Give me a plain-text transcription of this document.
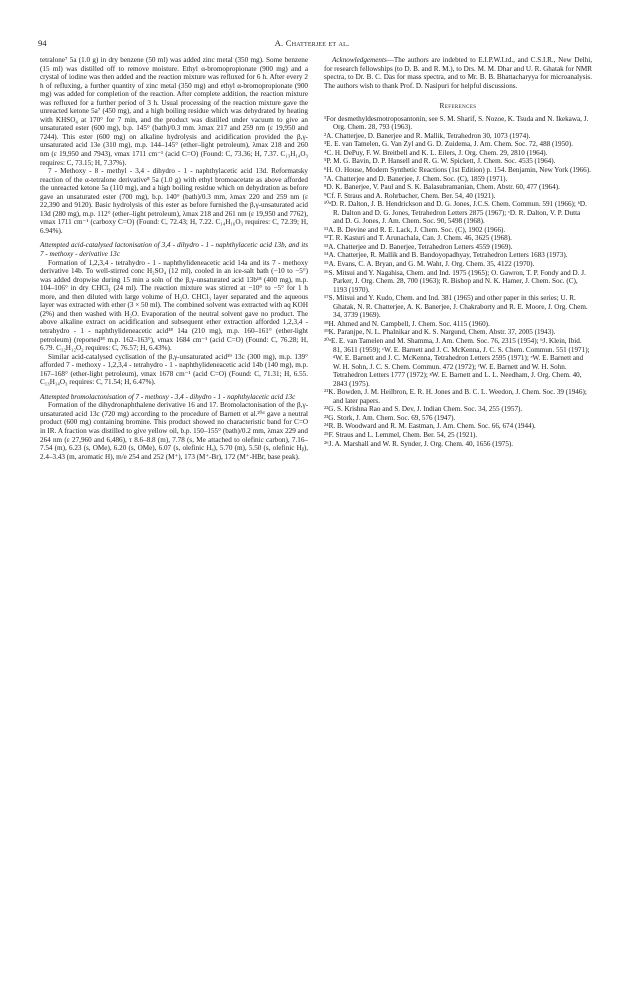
94	A. Chatterjee et al.

tetralone⁷ 5a (1.0 g) in dry benzene (50 ml) was added zinc metal (350 mg). Some benzene (15 ml) was distilled off to remove moisture. Ethyl α-bromopropionate (900 mg) and a crystal of iodine was then added and the reaction mixture was refluxed for 6 h. After every 2 h of refluxing, a further quantity of zinc metal (350 mg) and ethyl α-bromopropionate (900 mg) was added for completion of the reaction. After complete addition, the reaction mixture was refluxed for a further period of 3 h. Usual processing of the reaction mixture gave the unreacted ketone 5a⁷ (450 mg), and a high boiling residue which was dehydrated by heating with KHSO₄ at 170° for 7 min, and the product was distilled under vacuum to give an unsaturated ester (600 mg), b.p. 145° (bath)/0.3 mm. λmax 217 and 259 nm (ε 19,950 and 7244). This ester (600 mg) on alkaline hydrolysis and acidification provided the β,γ-unsaturated acid 13e (310 mg), m.p. 144–145° (ether–light petroleum), λmax 218 and 260 nm (ε 19,950 and 7943), νmax 1711 cm⁻¹ (acid C=O) (Found: C, 73.36; H, 7.37. C₁₃H₁₄O₃ requires: C, 73.15; H, 7.37%).

7 - Methoxy - 8 - methyl - 3,4 - dihydro - 1 - naphthylacetic acid 13d. Reformatsky reaction of the α-tetralone derivative⁸ 5a (1.0 g) with ethyl bromoacetate as above afforded the unreacted ketone 5a (110 mg), and a high boiling residue which on dehydration as before gave an unsaturated ester (700 mg), b.p. 140° (bath)/0.3 mm, λmax 220 and 259 nm (ε 22,390 and 9120). Basic hydrolysis of this ester as before furnished the β,γ-unsaturated acid 13d (280 mg), m.p. 112° (ether–light petroleum), λmax 218 and 261 nm (ε 19,950 and 7762), νmax 1711 cm⁻¹ (carboxy C=O) (Found: C, 72.43; H, 7.22. C₁₄H₁₆O₃ requires: C, 72.39; H, 6.94%).

Attempted acid-catalysed lactonisation of 3,4 - dihydro - 1 - naphthylacetic acid 13b, and its 7 - methoxy - derivative 13c

Formation of 1,2,3,4 - tetrahydro - 1 - naphthylideneacetic acid 14a and its 7 - methoxy derivative 14b. To well-stirred conc H₂SO₄ (12 ml), cooled in an ice-salt bath (−10 to −5°) was added dropwise during 15 min a soln of the β,γ-unsaturated acid 13b¹⁸ (400 mg), m.p. 104–106° in dry CHCl₃ (24 ml). The reaction mixture was stirred at −10° to −5° for 1 h more, and then diluted with large volume of H₂O. CHCl₃ layer separated and the aqueous layer was extracted with ether (3 × 50 ml). The combined solvent was extracted with aq KOH (2%) and then washed with H₂O. Evaporation of the neutral solvent gave no product. The above alkaline extract on acidification and subsequent ether extraction afforded 1,2,3,4 - tetrahydro - 1 - naphthylideneacetic acid¹⁸ 14a (210 mg), m.p. 160–161° (ether-light petroleum) (reported¹⁸ m.p. 162–163°), νmax 1684 cm⁻¹ (acid C=O) (Found: C, 76.28; H, 6.79. C₁₂H₁₂O₂ requires: C, 76.57; H, 6.43%).

Similar acid-catalysed cyclisation of the β,γ-unsaturated acid¹⁹ 13c (300 mg), m.p. 139° afforded 7 - methoxy - 1,2,3,4 - tetrahydro - 1 - naphthylideneacetic acid 14b (140 mg), m.p. 167–168° (ether-light petroleum), νmax 1678 cm⁻¹ (acid C=O) (Found: C, 71.31; H, 6.55. C₁₃H₁₄O₃ requires: C, 71.54; H, 6.47%).

Attempted bromolactonisation of 7 - methoxy - 3,4 - dihydro - 1 - naphthylacetic acid 13c

Formation of the dihydronaphthalene derivative 16 and 17. Bromolactonisation of the β,γ-unsaturated acid 13c (720 mg) according to the procedure of Barnett et al.²⁰ᵈ gave a neutral product (600 mg) containing bromine. This product showed no characteristic band for C=O in IR. A fraction was distilled to give yellow oil, b.p. 150–155° (bath)/0.2 mm, λmax 229 and 264 nm (ε 27,960 and 6,486), τ 8.6–8.8 (m), 7.78 (s, Me attached to olefinic carbon), 7.16–7.54 (m), 6.23 (s, OMe), 6.20 (s, OMe), 6.07 (s, olefinic Hₐ), 5.70 (m), 5.50 (s, olefinic Hᵦ), 2.4–3.43 (m, aromatic H), m/e 254 and 252 (M⁺), 173 (M⁺-Br), 172 (M⁺-HBr, base peak).

Acknowledgements—The authors are indebted to E.I.P.W.Ltd., and C.S.I.R., New Delhi, for research fellowships (to D. B. and R. M.), to Drs. M. M. Dhar and U. R. Ghatak for NMR spectra, to Dr. B. C. Das for mass spectra, and to Mr. B. B. Bhattacharyya for microanalysis. The authors wish to thank Prof. D. Nasipuri for helpful discussions.

References

¹For desmethyldesmotroposantonin, see S. M. Sharif, S. Nozoe, K. Tsuda and N. Ikekawa, J. Org. Chem. 28, 793 (1963).

²A. Chatterjee, D. Banerjee and R. Mallik, Tetrahedron 30, 1073 (1974).

³E. E. van Tamelen, G. Van Zyl and G. D. Zuidema, J. Am. Chem. Soc. 72, 488 (1950).

⁴C. H. DePuy, F. W. Breitbell and K. L. Eilers, J. Org. Chem. 29, 2810 (1964).

⁵P. M. G. Bavin, D. P. Hansell and R. G. W. Spickett, J. Chem. Soc. 4535 (1964).

⁶H. O. House, Modern Synthetic Reactions (1st Edition) p. 154. Benjamin, New York (1966).

⁷A. Chatterjee and D. Banerjee, J. Chem. Soc. (C), 1859 (1971).

⁸D. K. Banerjee, V. Paul and S. K. Balasubramanian, Chem. Abstr. 60, 477 (1964).

⁹Cf. F. Straus and A. Rohrbacher, Chem. Ber. 54, 40 (1921).

¹⁰ᵃD. R. Dalton, J. B. Hendrickson and D. G. Jones, J.C.S. Chem. Commun. 591 (1966); ᵇD. R. Dalton and D. G. Jones, Tetrahedron Letters 2875 (1967); ᶜD. R. Dalton, V. P. Dutta and D. G. Jones, J. Am. Chem. Soc. 90, 5498 (1968).

¹¹A. B. Devine and R. E. Lack, J. Chem. Soc. (C), 1902 (1966).

¹²T. R. Kasturi and T. Arunachala, Can. J. Chem. 46, 3625 (1968).

¹³A. Chatterjee and D. Banerjee, Tetrahedron Letters 4559 (1969).

¹⁴A. Chatterjee, R. Mallik and B. Bandoyopadhyay, Tetrahedron Letters 1683 (1973).

¹⁵A. Evans, C. A. Bryan, and G. M. Waht, J. Org. Chem. 35, 4122 (1970).

¹⁶S. Mitsui and Y. Nagahisa, Chem. and Ind. 1975 (1965); O. Gawron, T. P. Fondy and D. J. Parker, J. Org. Chem. 28, 700 (1963); R. Bishop and N. K. Hamer, J. Chem. Soc. (C), 1193 (1970).

¹⁷S. Mitsui and Y. Kudo, Chem. and Ind. 381 (1965) and other paper in this series; U. R. Ghatak, N. R. Chatterjee, A. K. Banerjee, J. Chakraborty and R. E. Moore, J. Org. Chem. 34, 3739 (1969).

¹⁸H. Ahmed and N. Campbell, J. Chem. Soc. 4115 (1960).

¹⁹K. Paranjpe, N. L. Phalnikar and K. S. Nargund, Chem. Abstr. 37, 2005 (1943).

²⁰ᵃE. E. van Tamelen and M. Shamma, J. Am. Chem. Soc. 76, 2315 (1954); ᵇJ. Klein, Ibid. 81, 3611 (1959); ᶜW. E. Barnett and J. C. McKenna, J. C. S. Chem. Commun. 551 (1971); ᵈW. E. Barnett and J. C. McKenna, Tetrahedron Letters 2595 (1971); ᵉW. E. Barnett and W. H. Sohn, J. C. S. Chem. Commun. 472 (1972); ᶠW. E. Barnett and W. H. Sohn. Tetrahedron Letters 1777 (1972); ᵍW. E. Barnett and L. L. Needham, J. Org. Chem. 40, 2843 (1975).

²¹K. Bowden, J. M. Heilbron, E. R. H. Jones and B. C. L. Weedon, J. Chem. Soc. 39 (1946); and later papers.

²²G. S. Krishna Rao and S. Dev, J. Indian Chem. Soc. 34, 255 (1957).

²³G. Stork, J. Am. Chem. Soc. 69, 576 (1947).

²⁴R. B. Woodward and R. M. Eastman, J. Am. Chem. Soc. 66, 674 (1944).

²⁵F. Straus and L. Lemmel, Chem. Ber. 54, 25 (1921).

²⁶J. A. Marshall and W. R. Synder, J. Org. Chem. 40, 1656 (1975).
